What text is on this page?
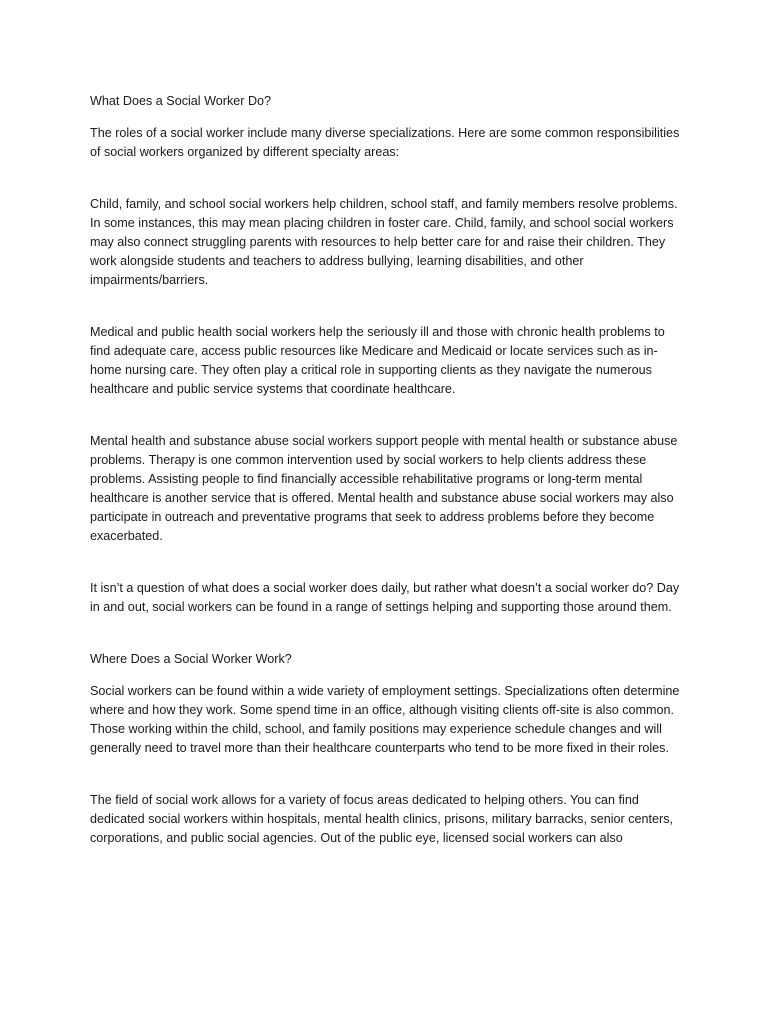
What Does a Social Worker Do?

The roles of a social worker include many diverse specializations. Here are some common responsibilities of social workers organized by different specialty areas:

Child, family, and school social workers help children, school staff, and family members resolve problems. In some instances, this may mean placing children in foster care. Child, family, and school social workers may also connect struggling parents with resources to help better care for and raise their children. They work alongside students and teachers to address bullying, learning disabilities, and other impairments/barriers.

Medical and public health social workers help the seriously ill and those with chronic health problems to find adequate care, access public resources like Medicare and Medicaid or locate services such as in-home nursing care. They often play a critical role in supporting clients as they navigate the numerous healthcare and public service systems that coordinate healthcare.

Mental health and substance abuse social workers support people with mental health or substance abuse problems. Therapy is one common intervention used by social workers to help clients address these problems. Assisting people to find financially accessible rehabilitative programs or long-term mental healthcare is another service that is offered. Mental health and substance abuse social workers may also participate in outreach and preventative programs that seek to address problems before they become exacerbated.

It isn’t a question of what does a social worker does daily, but rather what doesn’t a social worker do? Day in and out, social workers can be found in a range of settings helping and supporting those around them.

Where Does a Social Worker Work?

Social workers can be found within a wide variety of employment settings. Specializations often determine where and how they work. Some spend time in an office, although visiting clients off-site is also common. Those working within the child, school, and family positions may experience schedule changes and will generally need to travel more than their healthcare counterparts who tend to be more fixed in their roles.

The field of social work allows for a variety of focus areas dedicated to helping others. You can find dedicated social workers within hospitals, mental health clinics, prisons, military barracks, senior centers, corporations, and public social agencies. Out of the public eye, licensed social workers can also
